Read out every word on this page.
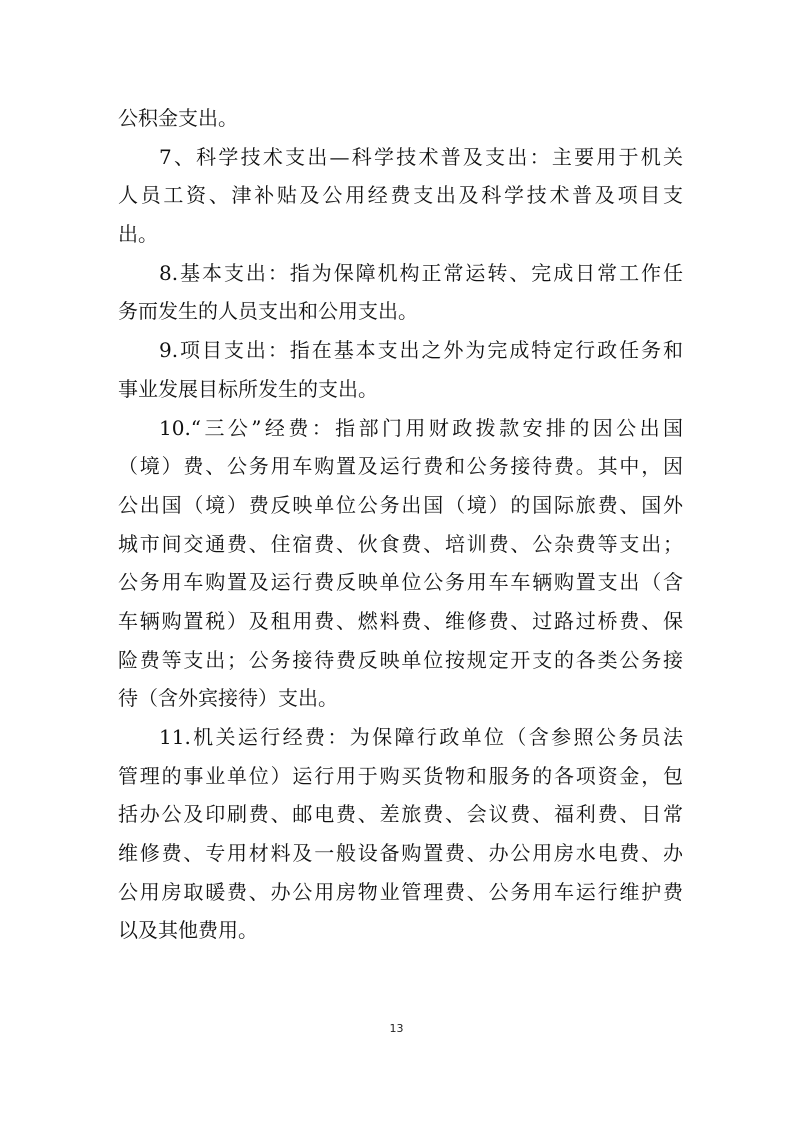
公积金支出。
7、科学技术支出—科学技术普及支出：主要用于机关
人员工资、津补贴及公用经费支出及科学技术普及项目支
出。
8.基本支出：指为保障机构正常运转、完成日常工作任
务而发生的人员支出和公用支出。
9.项目支出：指在基本支出之外为完成特定行政任务和
事业发展目标所发生的支出。
10.“三公”经费：指部门用财政拨款安排的因公出国
（境）费、公务用车购置及运行费和公务接待费。其中，因
公出国（境）费反映单位公务出国（境）的国际旅费、国外
城市间交通费、住宿费、伙食费、培训费、公杂费等支出；
公务用车购置及运行费反映单位公务用车车辆购置支出（含
车辆购置税）及租用费、燃料费、维修费、过路过桥费、保
险费等支出；公务接待费反映单位按规定开支的各类公务接
待（含外宾接待）支出。
11.机关运行经费：为保障行政单位（含参照公务员法
管理的事业单位）运行用于购买货物和服务的各项资金，包
括办公及印刷费、邮电费、差旅费、会议费、福利费、日常
维修费、专用材料及一般设备购置费、办公用房水电费、办
公用房取暖费、办公用房物业管理费、公务用车运行维护费
以及其他费用。
13
